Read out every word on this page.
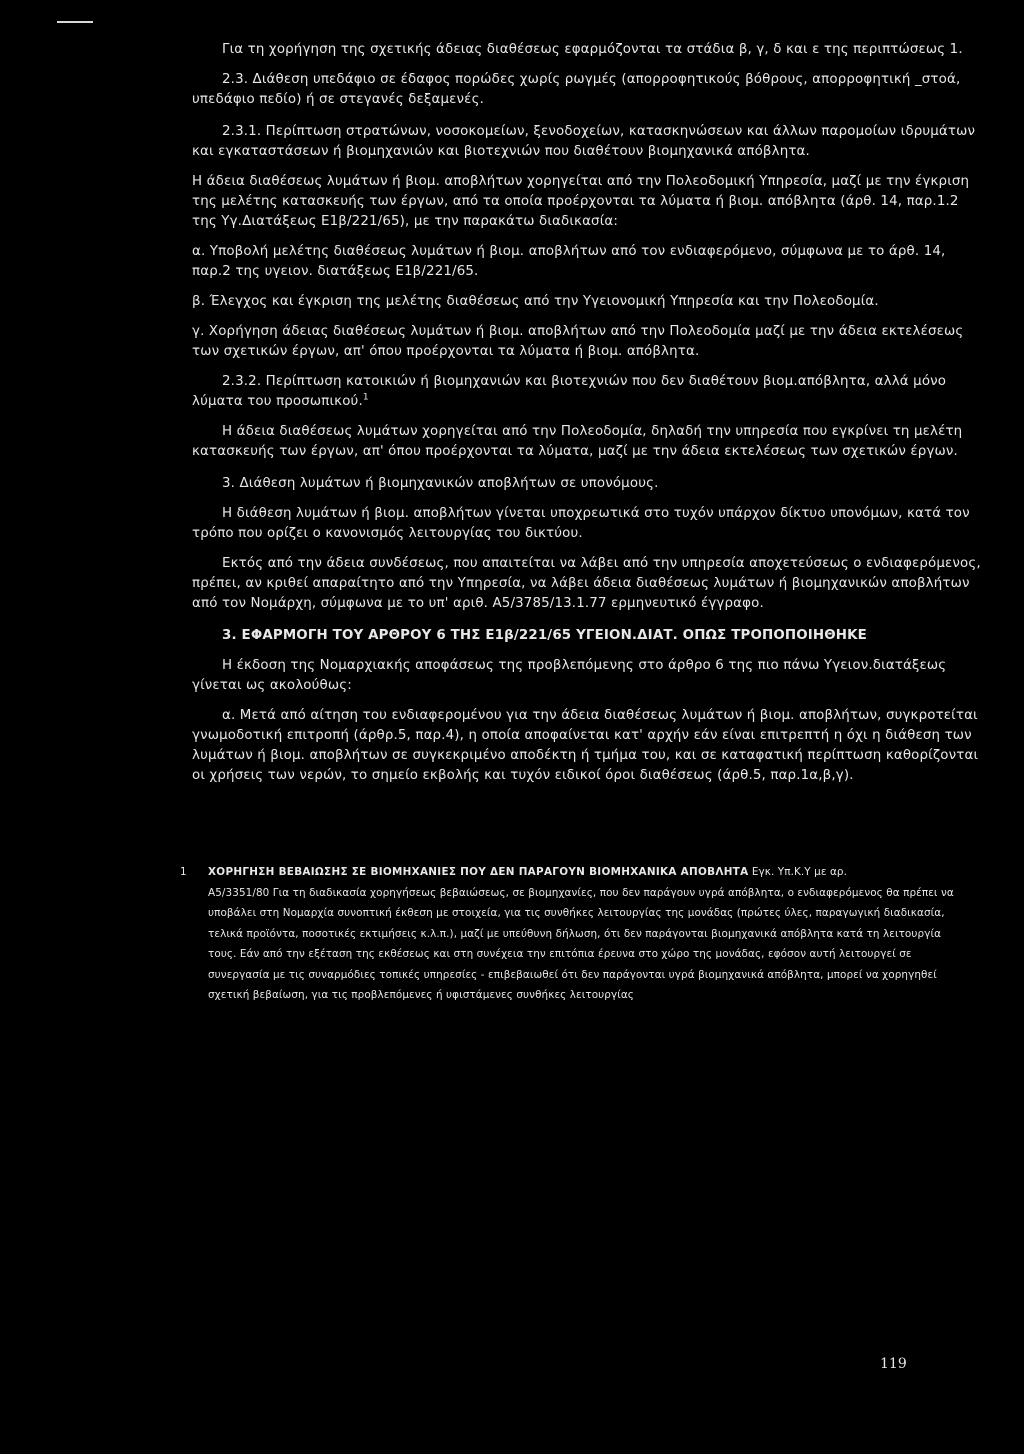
Για τη χορήγηση της σχετικής άδειας διαθέσεως εφαρμόζονται τα στάδια β, γ, δ και ε της περιπτώσεως 1.

2.3. Διάθεση υπεδάφιο σε έδαφος πορώδες χωρίς ρωγμές (απορροφητικούς βόθρους, απορροφητική _στοά, υπεδάφιο πεδίο) ή σε στεγανές δεξαμενές.

2.3.1. Περίπτωση στρατώνων, νοσοκομείων, ξενοδοχείων, κατασκηνώσεων και άλλων παρομοίων ιδρυμάτων και εγκαταστάσεων ή βιομηχανιών και βιοτεχνιών που διαθέτουν βιομηχανικά απόβλητα.

Η άδεια διαθέσεως λυμάτων ή βιομ. αποβλήτων χορηγείται από την Πολεοδομική Υπηρεσία, μαζί με την έγκριση της μελέτης κατασκευής των έργων, από τα οποία προέρχονται τα λύματα ή βιομ. απόβλητα (άρθ. 14, παρ.1.2 της Υγ.Διατάξεως Ε1β/221/65), με την παρακάτω διαδικασία:

α. Υποβολή μελέτης διαθέσεως λυμάτων ή βιομ. αποβλήτων από τον ενδιαφερόμενο, σύμφωνα με το άρθ. 14, παρ.2 της υγειον. διατάξεως Ε1β/221/65.

β. Έλεγχος και έγκριση της μελέτης διαθέσεως από την Υγειονομική Υπηρεσία και την Πολεοδομία.

γ. Χορήγηση άδειας διαθέσεως λυμάτων ή βιομ. αποβλήτων από την Πολεοδομία μαζί με την άδεια εκτελέσεως των σχετικών έργων, απ' όπου προέρχονται τα λύματα ή βιομ. απόβλητα.

2.3.2. Περίπτωση κατοικιών ή βιομηχανιών και βιοτεχνιών που δεν διαθέτουν βιομ.απόβλητα, αλλά μόνο λύματα του προσωπικού.$^1$

Η άδεια διαθέσεως λυμάτων χορηγείται από την Πολεοδομία, δηλαδή την υπηρεσία που εγκρίνει τη μελέτη κατασκευής των έργων, απ' όπου προέρχονται τα λύματα, μαζί με την άδεια εκτελέσεως των σχετικών έργων.

3. Διάθεση λυμάτων ή βιομηχανικών αποβλήτων σε υπονόμους.

Η διάθεση λυμάτων ή βιομ. αποβλήτων γίνεται υποχρεωτικά στο τυχόν υπάρχον δίκτυο υπονόμων, κατά τον τρόπο που ορίζει ο κανονισμός λειτουργίας του δικτύου.

Εκτός από την άδεια συνδέσεως, που απαιτείται να λάβει από την υπηρεσία αποχετεύσεως ο ενδιαφερόμενος, πρέπει, αν κριθεί απαραίτητο από την Υπηρεσία, να λάβει άδεια διαθέσεως λυμάτων ή βιομηχανικών αποβλήτων από τον Νομάρχη, σύμφωνα με το υπ' αριθ. Α5/3785/13.1.77 ερμηνευτικό έγγραφο.

3. ΕΦΑΡΜΟΓΗ ΤΟΥ ΑΡΘΡΟΥ 6 ΤΗΣ Ε1β/221/65 ΥΓΕΙΟΝ.ΔΙΑΤ. ΟΠΩΣ ΤΡΟΠΟΠΟΙΗΘΗΚΕ

Η έκδοση της Νομαρχιακής αποφάσεως της προβλεπόμενης στο άρθρο 6 της πιο πάνω Υγειον.διατάξεως γίνεται ως ακολούθως:

α. Μετά από αίτηση του ενδιαφερομένου για την άδεια διαθέσεως λυμάτων ή βιομ. αποβλήτων, συγκροτείται γνωμοδοτική επιτροπή (άρθρ.5, παρ.4), η οποία αποφαίνεται κατ' αρχήν εάν είναι επιτρεπτή η όχι η διάθεση των λυμάτων ή βιομ. αποβλήτων σε συγκεκριμένο αποδέκτη ή τμήμα του, και σε καταφατική περίπτωση καθορίζονται οι χρήσεις των νερών, το σημείο εκβολής και τυχόν ειδικοί όροι διαθέσεως (άρθ.5, παρ.1α,β,γ).

1 ΧΟΡΗΓΗΣΗ ΒΕΒΑΙΩΣΗΣ ΣΕ ΒΙΟΜΗΧΑΝΙΕΣ ΠΟΥ ΔΕΝ ΠΑΡΑΓΟΥΝ ΒΙΟΜΗΧΑΝΙΚΑ ΑΠΟΒΛΗΤΑ Εγκ. Υπ.Κ.Υ με αρ.
Α5/3351/80 Για τη διαδικασία χορηγήσεως βεβαιώσεως, σε βιομηχανίες, που δεν παράγουν υγρά απόβλητα, ο ενδιαφερόμενος θα πρέπει να υποβάλει στη Νομαρχία συνοπτική έκθεση με στοιχεία, για τις συνθήκες λειτουργίας της μονάδας (πρώτες ύλες, παραγωγική διαδικασία, τελικά προϊόντα, ποσοτικές εκτιμήσεις κ.λ.π.), μαζί με υπεύθυνη δήλωση, ότι δεν παράγονται βιομηχανικά απόβλητα κατά τη λειτουργία τους. Εάν από την εξέταση της εκθέσεως και στη συνέχεια την επιτόπια έρευνα στο χώρο της μονάδας, εφόσον αυτή λειτουργεί σε συνεργασία με τις συναρμόδιες τοπικές υπηρεσίες - επιβεβαιωθεί ότι δεν παράγονται υγρά βιομηχανικά απόβλητα, μπορεί να χορηγηθεί σχετική βεβαίωση, για τις προβλεπόμενες ή υφιστάμενες συνθήκες λειτουργίας
119
